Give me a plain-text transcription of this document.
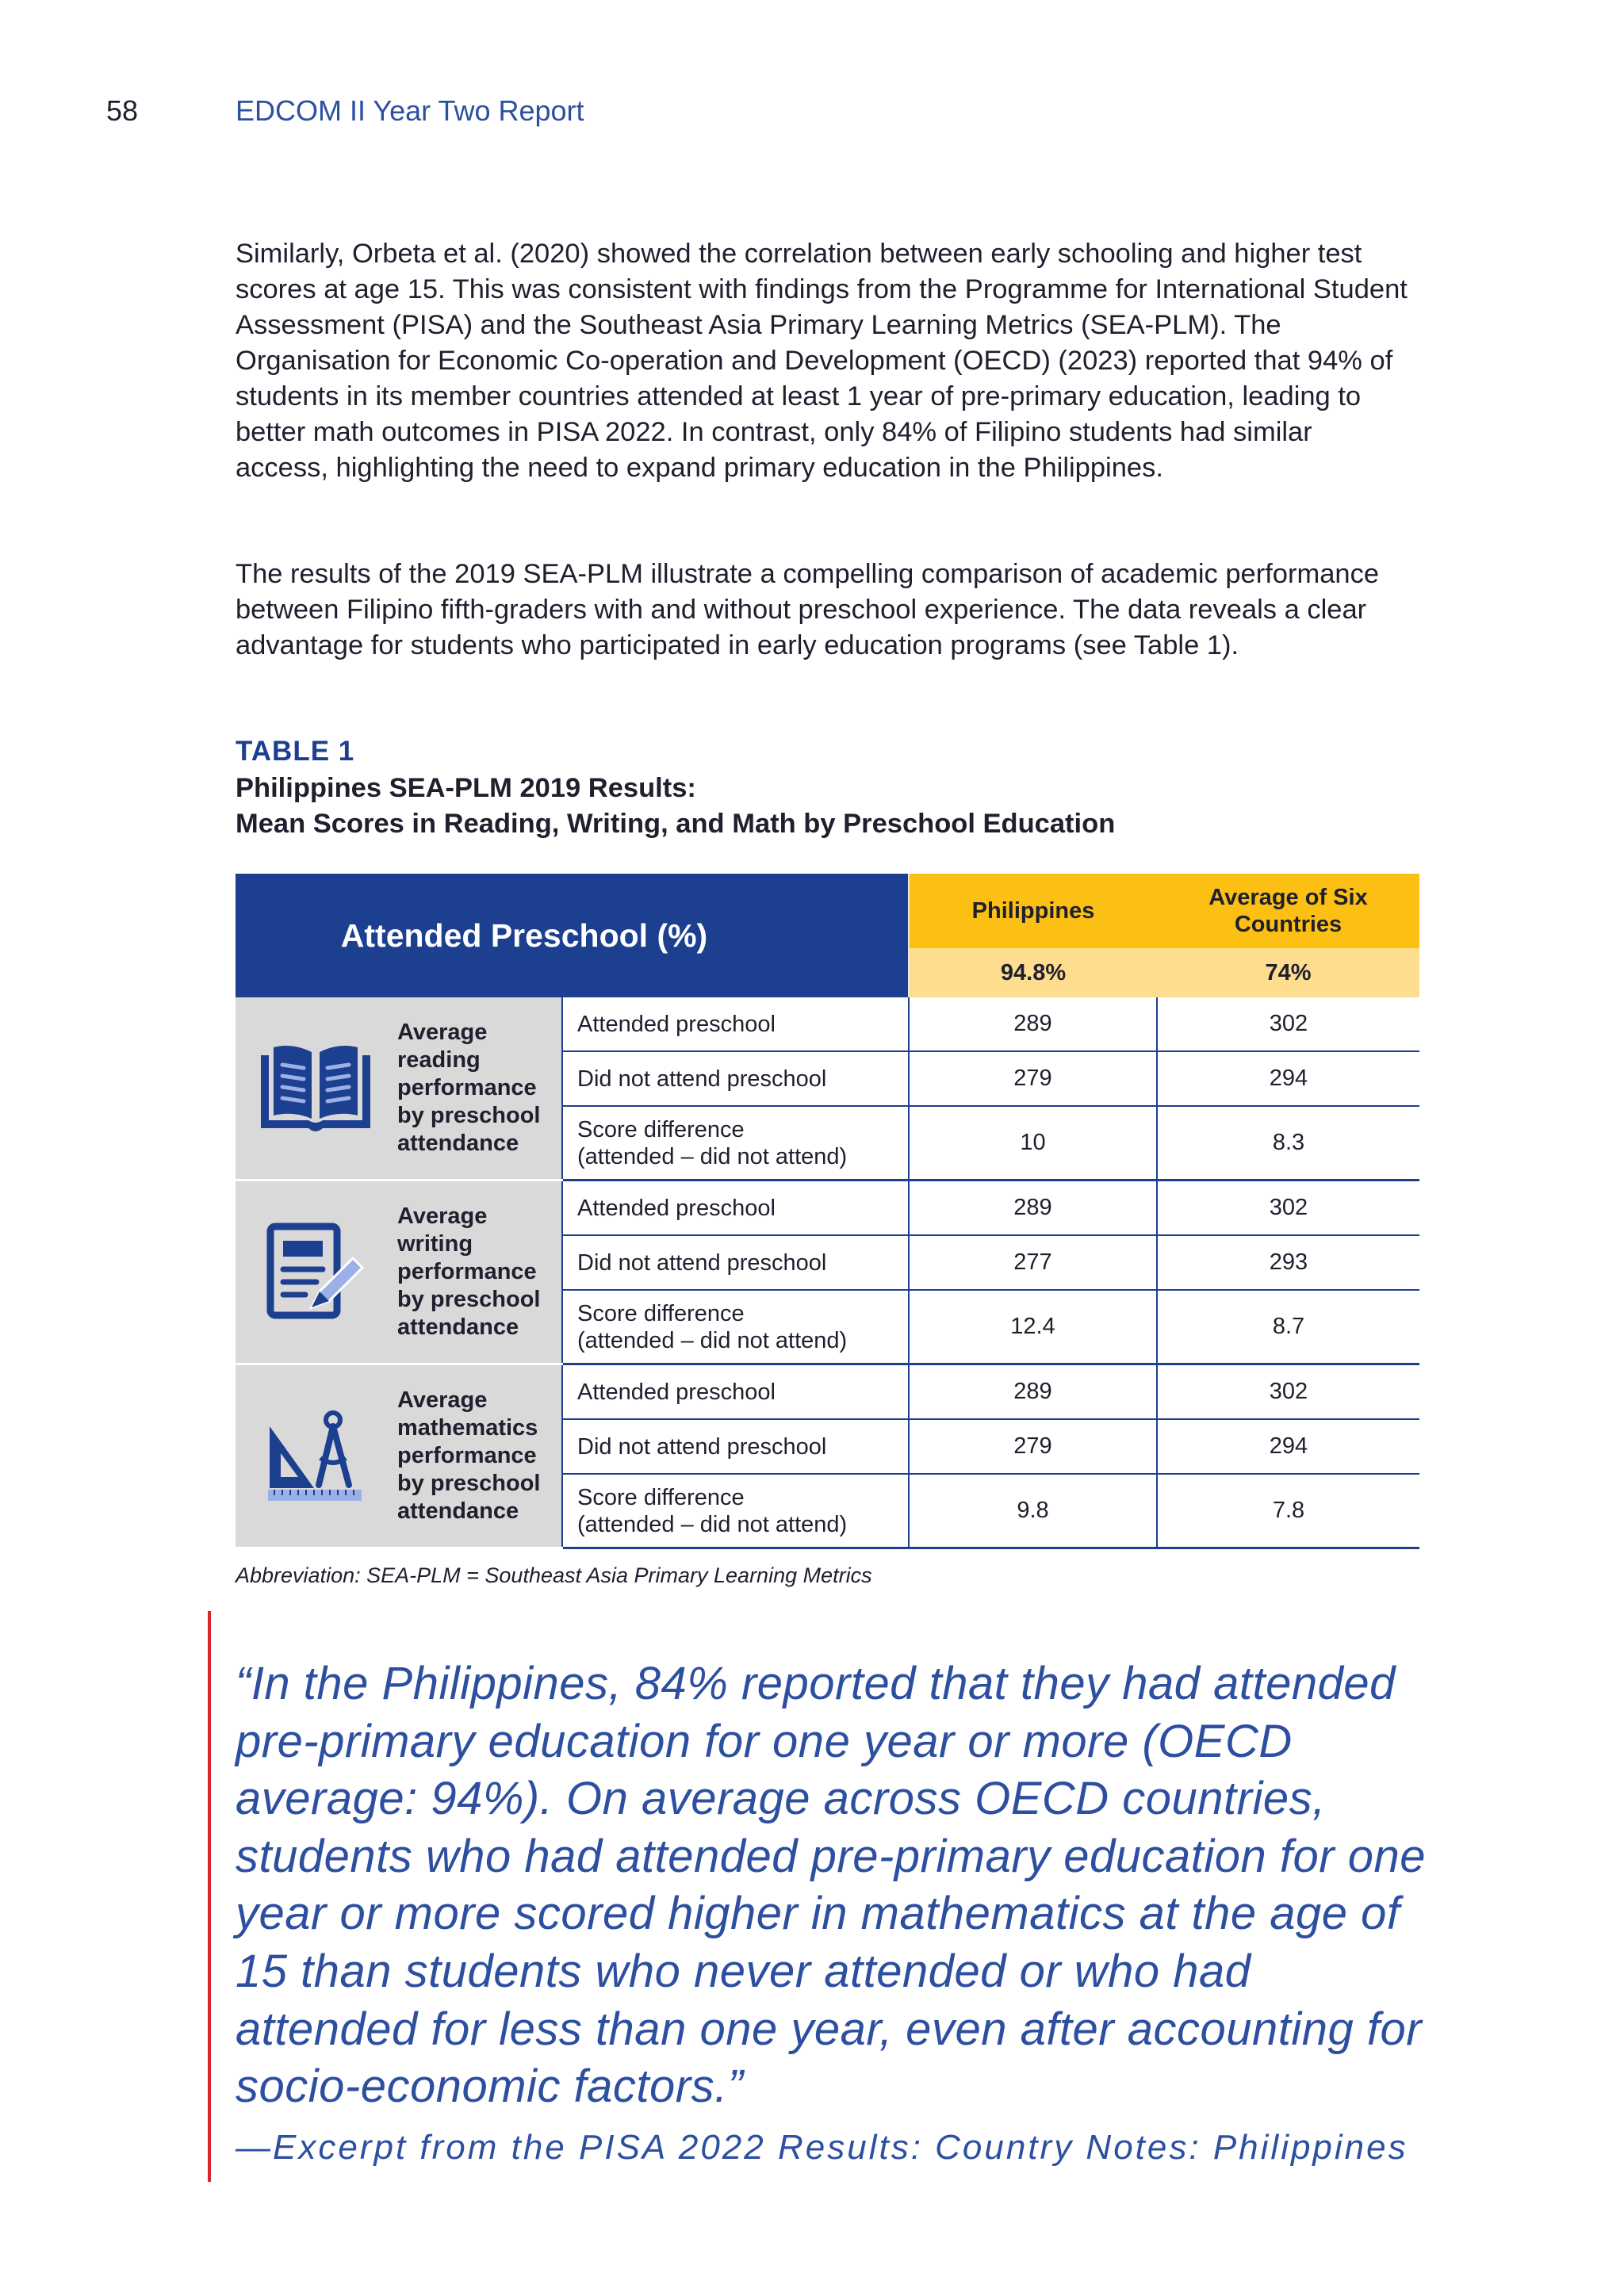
58	EDCOM II Year Two Report

Similarly, Orbeta et al. (2020) showed the correlation between early schooling and higher test scores at age 15. This was consistent with findings from the Programme for International Student Assessment (PISA) and the Southeast Asia Primary Learning Metrics (SEA-PLM). The Organisation for Economic Co-operation and Development (OECD) (2023) reported that 94% of students in its member countries attended at least 1 year of pre-primary education, leading to better math outcomes in PISA 2022. In contrast, only 84% of Filipino students had similar access, highlighting the need to expand primary education in the Philippines.

The results of the 2019 SEA-PLM illustrate a compelling comparison of academic performance between Filipino fifth-graders with and without preschool experience. The data reveals a clear advantage for students who participated in early education programs (see Table 1).

TABLE 1

Philippines SEA-PLM 2019 Results:
Mean Scores in Reading, Writing, and Math by Preschool Education

Attended Preschool (%)		Philippines	Average of Six
Countries
		94.8%	74%

Average
reading
performance
by preschool
attendance	Attended preschool	289	302
	Did not attend preschool	279	294

	Score difference
(attended – did not attend)	10	8.3

Average
writing
performance
by preschool
attendance	Attended preschool	289	302
	Did not attend preschool	277	293

	Score difference
(attended – did not attend)	12.4	8.7

Average
mathematics
performance
by preschool
attendance	Attended preschool	289	302
	Did not attend preschool	279	294

	Score difference
(attended – did not attend)	9.8	7.8
Abbreviation: SEA-PLM = Southeast Asia Primary Learning Metrics

“In the Philippines, 84% reported that they had attended pre-primary education for one year or more (OECD average: 94%). On average across OECD countries, students who had attended pre-primary education for one year or more scored higher in mathematics at the age of 15 than students who never attended or who had attended for less than one year, even after accounting for socio-economic factors.”

—Excerpt from the PISA 2022 Results: Country Notes: Philippines
